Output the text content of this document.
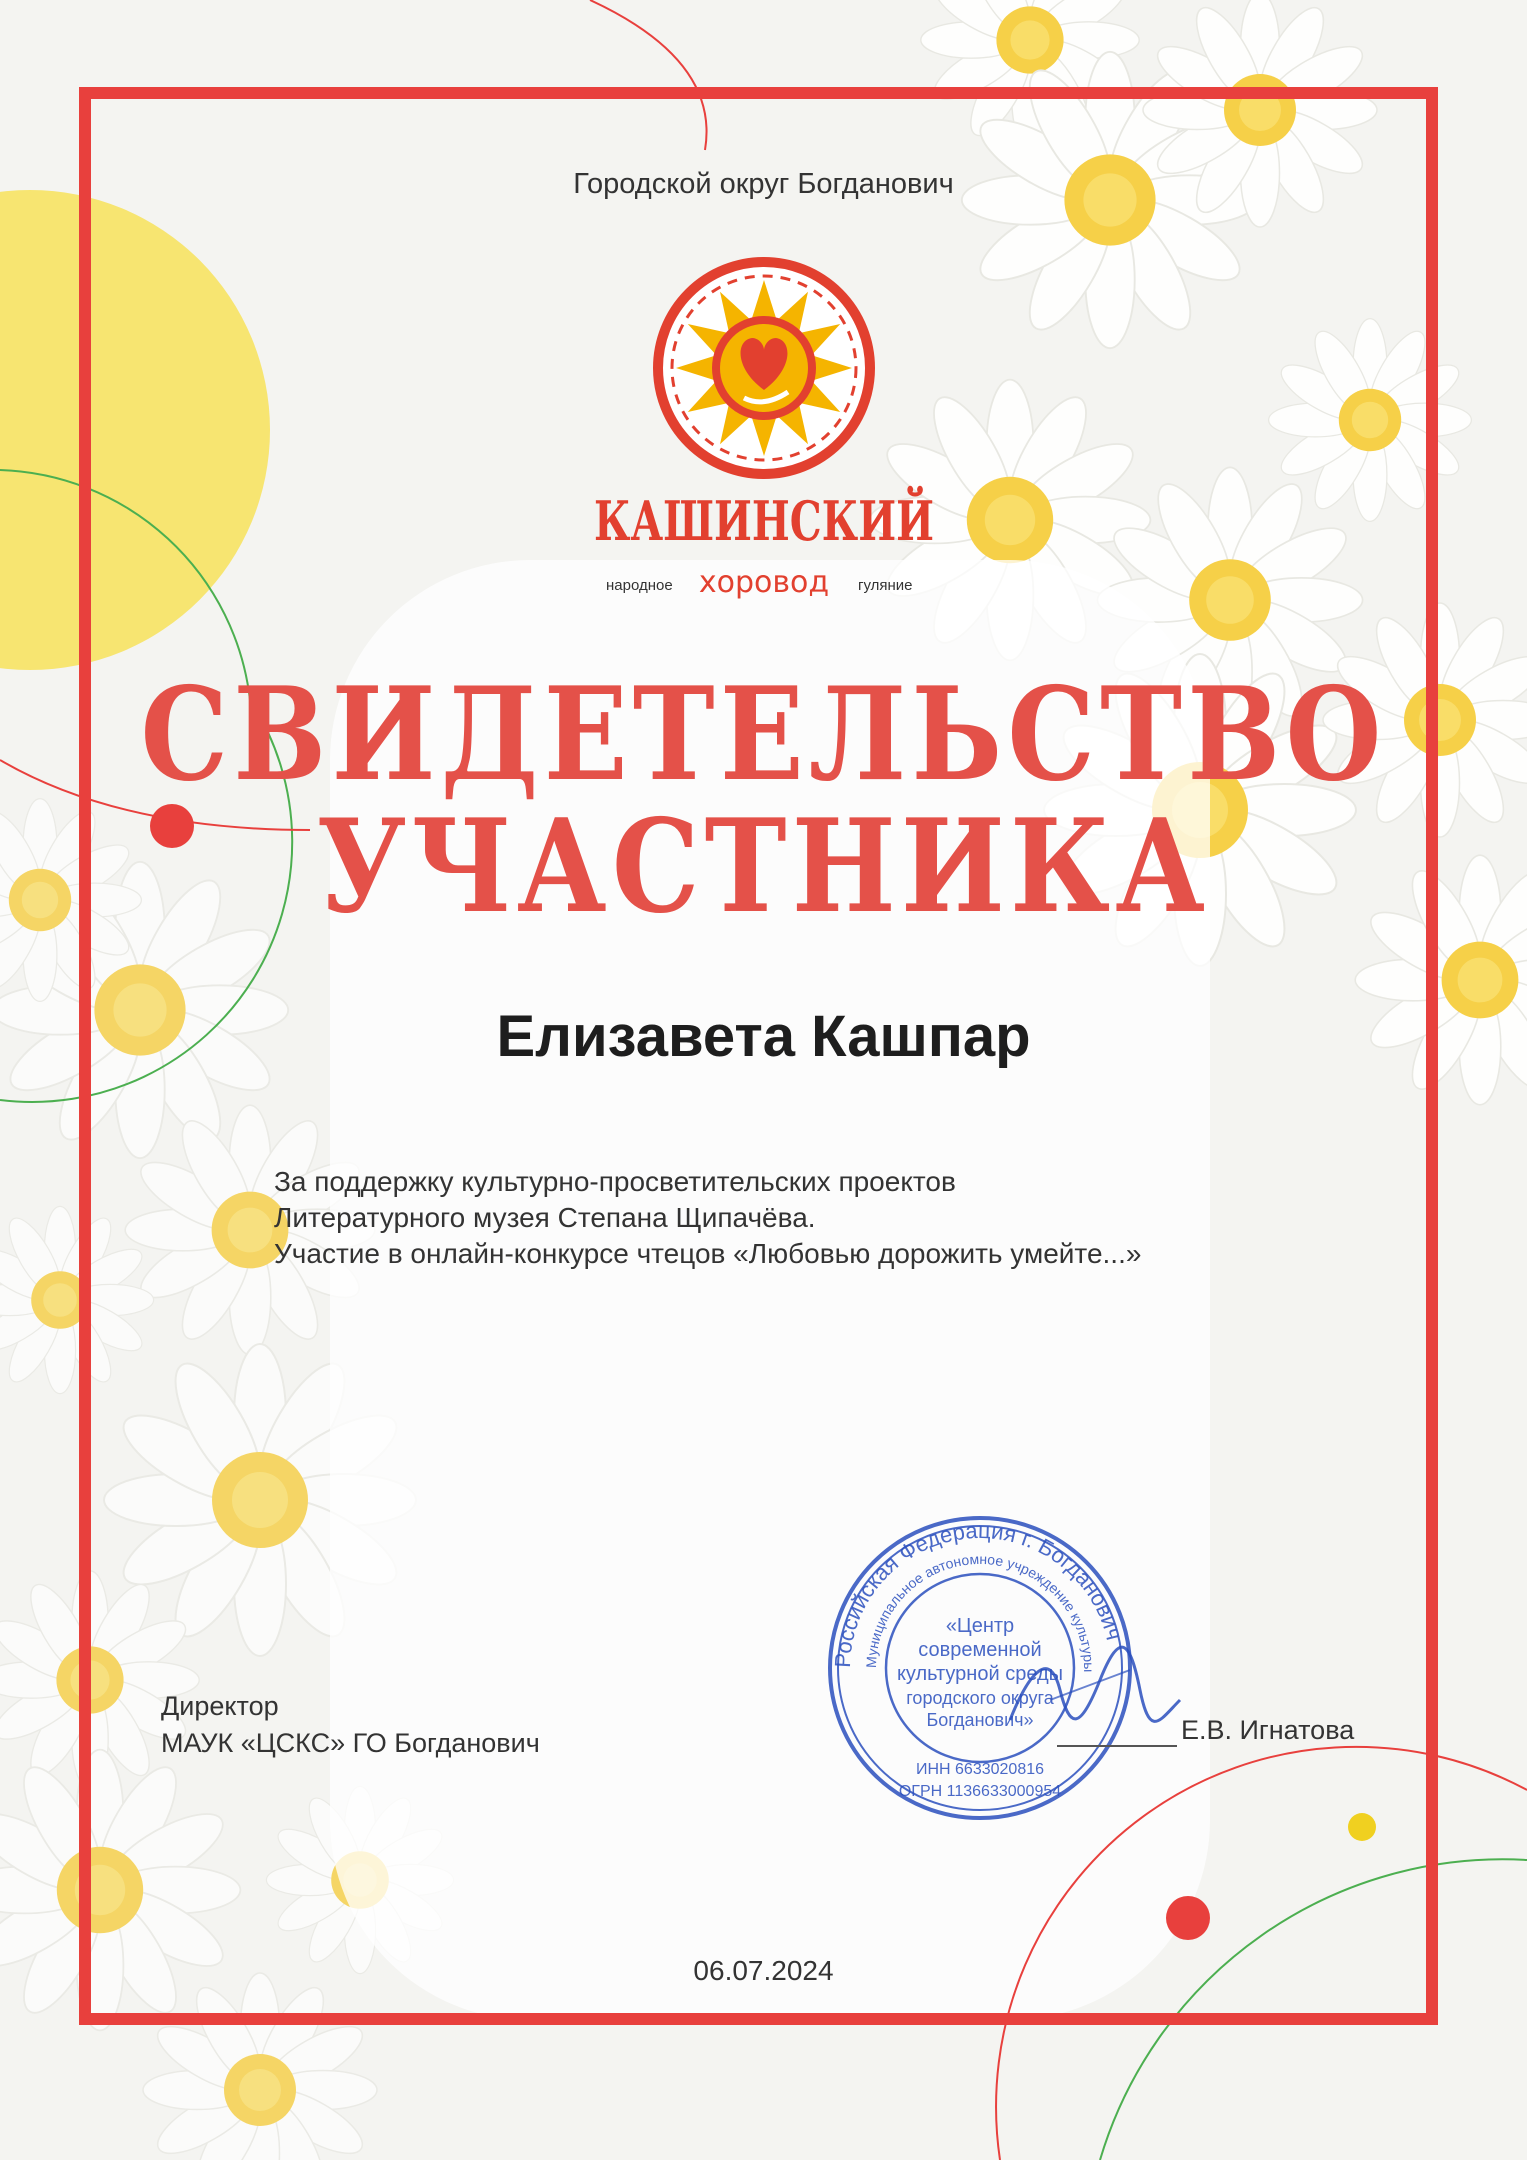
Городской округ Богданович
КАШИНСКИЙ
народное хоровод гуляние
СВИДЕТЕЛЬСТВО
УЧАСТНИКА
Елизавета Кашпар
За поддержку культурно-просветительских проектов
Литературного музея Степана Щипачёва.
Участие в онлайн-конкурсе чтецов «Любовью дорожить умейте...»
Директор
МАУК «ЦСКС» ГО Богданович
Российская Федерация г. Богданович
Муниципальное автономное учреждение культуры
«Центр
современной
культурной среды
городского округа
Богданович»
ИНН 6633020816
ОГРН 1136633000954
Е.В. Игнатова
06.07.2024
